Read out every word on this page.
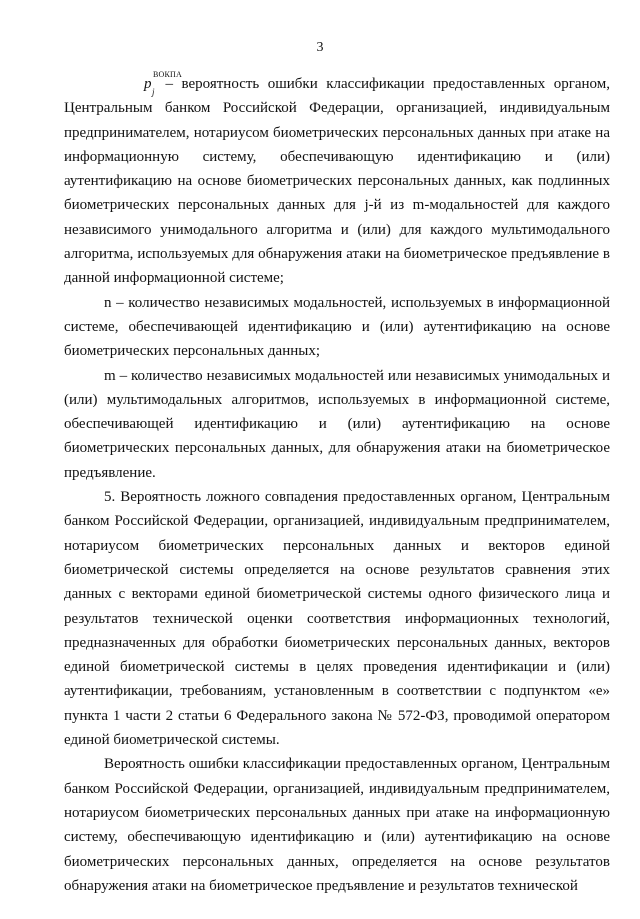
3

p
ВОКПА
j – вероятность ошибки классификации предоставленных органом, Центральным банком Российской Федерации, организацией, индивидуальным предпринимателем, нотариусом биометрических персональных данных при атаке на информационную систему, обеспечивающую идентификацию и (или) аутентификацию на основе биометрических персональных данных, как подлинных биометрических персональных данных для j-й из m-модальностей для каждого независимого унимодального алгоритма и (или) для каждого мультимодального алгоритма, используемых для обнаружения атаки на биометрическое предъявление в данной информационной системе;

n – количество независимых модальностей, используемых в информационной системе, обеспечивающей идентификацию и (или) аутентификацию на основе биометрических персональных данных;

m – количество независимых модальностей или независимых унимодальных и (или) мультимодальных алгоритмов, используемых в информационной системе, обеспечивающей идентификацию и (или) аутентификацию на основе биометрических персональных данных, для обнаружения атаки на биометрическое предъявление.

5. Вероятность ложного совпадения предоставленных органом, Центральным банком Российской Федерации, организацией, индивидуальным предпринимателем, нотариусом биометрических персональных данных и векторов единой биометрической системы определяется на основе результатов сравнения этих данных с векторами единой биометрической системы одного физического лица и результатов технической оценки соответствия информационных технологий, предназначенных для обработки биометрических персональных данных, векторов единой биометрической системы в целях проведения идентификации и (или) аутентификации, требованиям, установленным в соответствии с подпунктом «е» пункта 1 части 2 статьи 6 Федерального закона № 572-ФЗ, проводимой оператором единой биометрической системы.

Вероятность ошибки классификации предоставленных органом, Центральным банком Российской Федерации, организацией, индивидуальным предпринимателем, нотариусом биометрических персональных данных при атаке на информационную систему, обеспечивающую идентификацию и (или) аутентификацию на основе биометрических персональных данных, определяется на основе результатов обнаружения атаки на биометрическое предъявление и результатов технической
